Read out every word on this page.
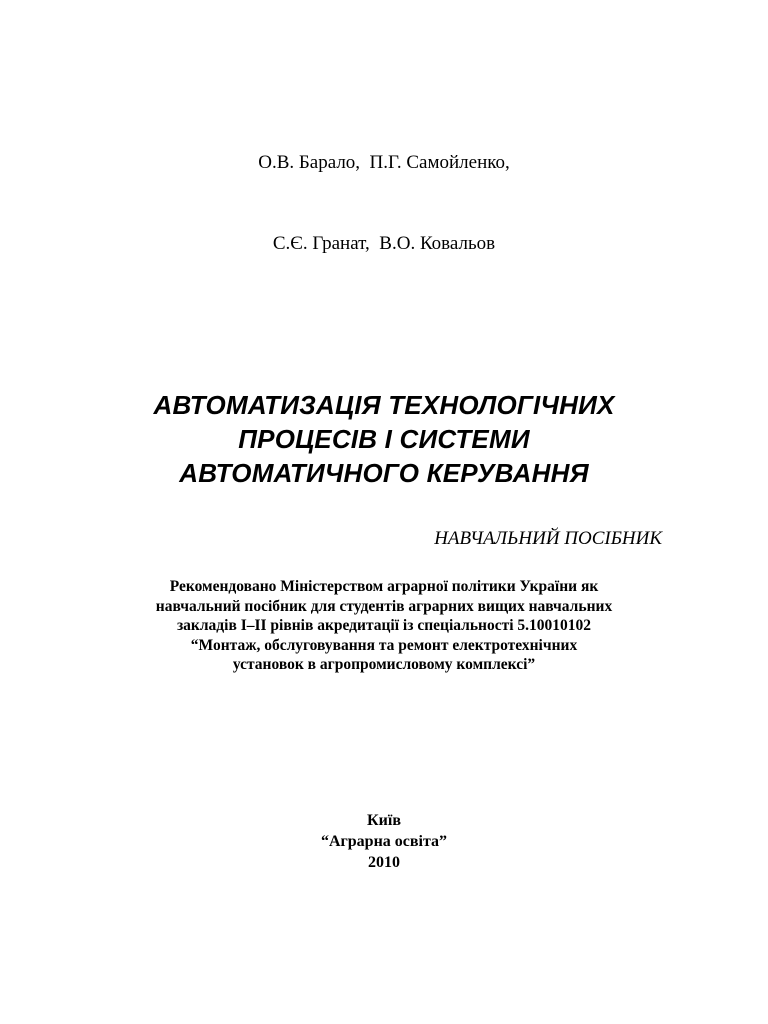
О.В. Барало,  П.Г. Самойленко,

С.Є. Гранат,  В.О. Ковальов

АВТОМАТИЗАЦІЯ ТЕХНОЛОГІЧНИХ
ПРОЦЕСІВ І СИСТЕМИ
АВТОМАТИЧНОГО КЕРУВАННЯ
НАВЧАЛЬНИЙ ПОСІБНИК
Рекомендовано Міністерством аграрної політики України як
навчальний посібник для студентів аграрних вищих навчальних
закладів І–ІІ рівнів акредитації із спеціальності 5.10010102
“Монтаж, обслуговування та ремонт електротехнічних
установок в агропромисловому комплексі”
Київ
“Аграрна освіта”
2010
